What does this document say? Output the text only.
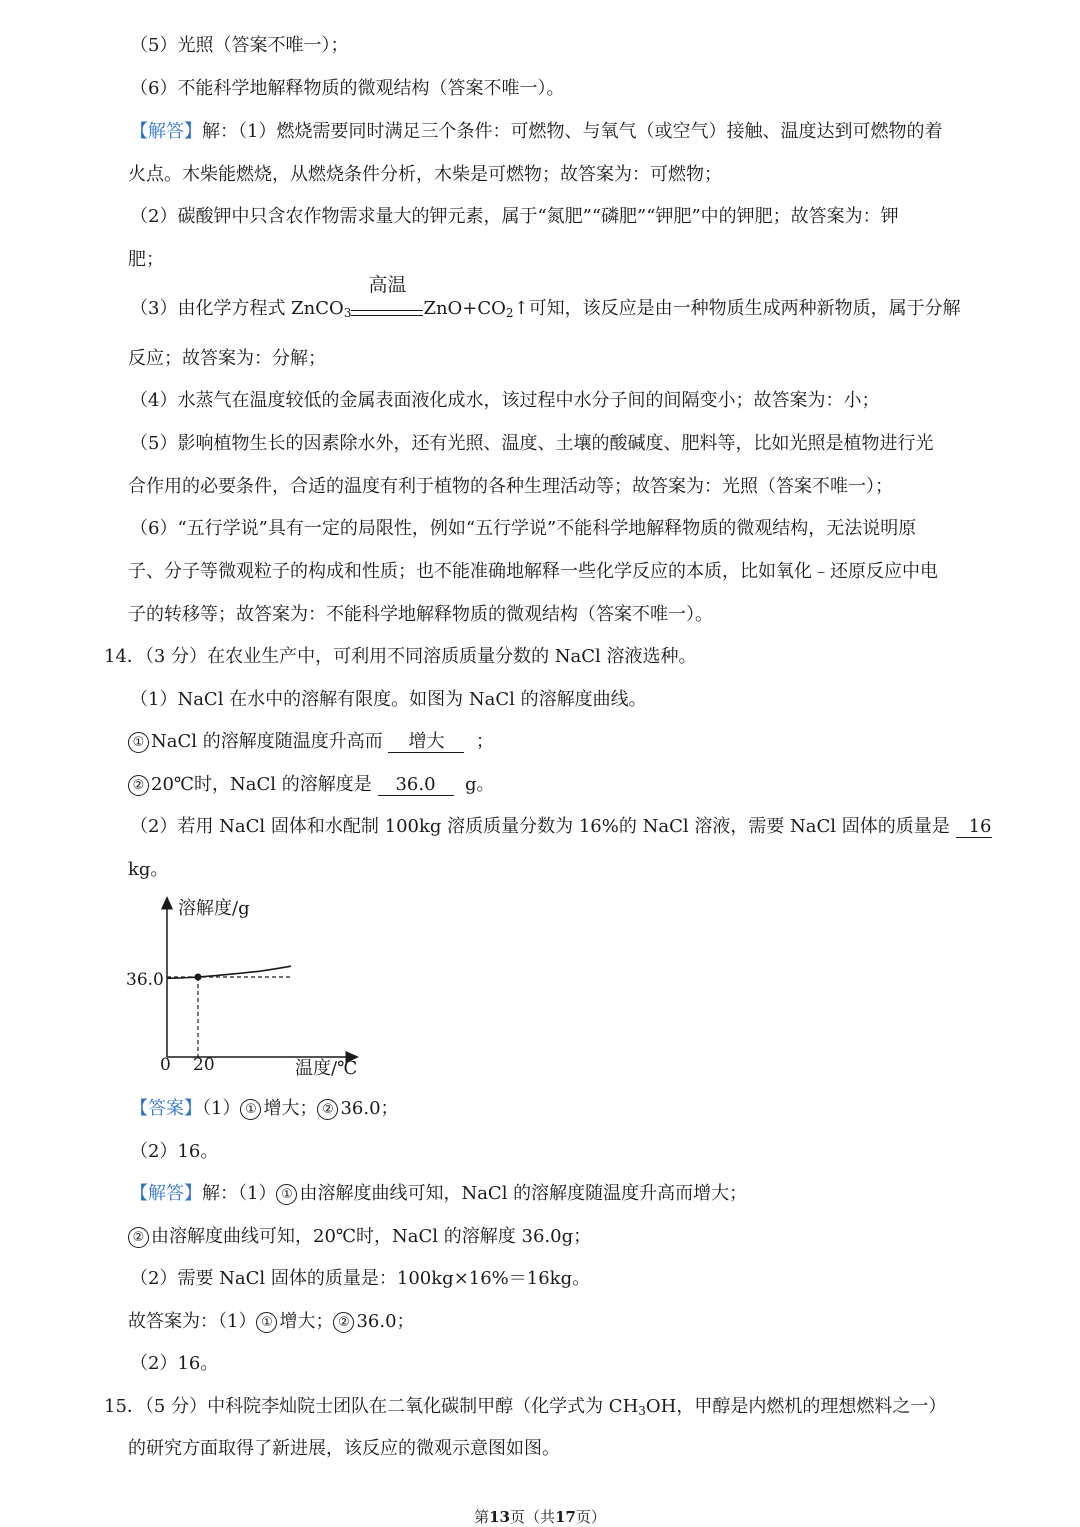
（5）光照（答案不唯一）；
（6）不能科学地解释物质的微观结构（答案不唯一）。
【解答】解：（1）燃烧需要同时满足三个条件：可燃物、与氧气（或空气）接触、温度达到可燃物的着
火点。木柴能燃烧，从燃烧条件分析，木柴是可燃物；故答案为：可燃物；
（2）碳酸钾中只含农作物需求量大的钾元素，属于“氮肥”“磷肥”“钾肥”中的钾肥；故答案为：钾
肥；
（3）由化学方程式 ZnCO$_3$
高温
$ZnO+CO_2↑$可知，该反应是由一种物质生成两种新物质，属于分解
反应；故答案为：分解；
（4）水蒸气在温度较低的金属表面液化成水，该过程中水分子间的间隔变小；故答案为：小；
（5）影响植物生长的因素除水外，还有光照、温度、土壤的酸碱度、肥料等，比如光照是植物进行光
合作用的必要条件，合适的温度有利于植物的各种生理活动等；故答案为：光照（答案不唯一）；
（6）“五行学说”具有一定的局限性，例如“五行学说”不能科学地解释物质的微观结构，无法说明原
子、分子等微观粒子的构成和性质；也不能准确地解释一些化学反应的本质，比如氧化﹣还原反应中电
子的转移等；故答案为：不能科学地解释物质的微观结构（答案不唯一）。
14．（3 分）在农业生产中，可利用不同溶质质量分数的 NaCl 溶液选种。
（1）NaCl 在水中的溶解有限度。如图为 NaCl 的溶解度曲线。
① NaCl 的溶解度随温度升高而 增大 ；
② 20℃时，NaCl 的溶解度是 36.0 g。
（2）若用 NaCl 固体和水配制 100kg 溶质质量分数为 16%的 NaCl 溶液，需要 NaCl 固体的质量是 16
kg。
溶解度/g
温度/℃
0 20
36.0
【答案】（1） ① 增大； ② 36.0；
（2）16。
【解答】解：（1） ① 由溶解度曲线可知，NaCl 的溶解度随温度升高而增大；
② 由溶解度曲线可知，20℃时，NaCl 的溶解度 36.0g；
（2）需要 NaCl 固体的质量是：100kg×16%＝16kg。
故答案为：（1） ① 增大； ② 36.0；
（2）16。
15．（5 分）中科院李灿院士团队在二氧化碳制甲醇（化学式为 $CH_3OH$，甲醇是内燃机的理想燃料之一）
的研究方面取得了新进展，该反应的微观示意图如图。
第13页（共17页）
